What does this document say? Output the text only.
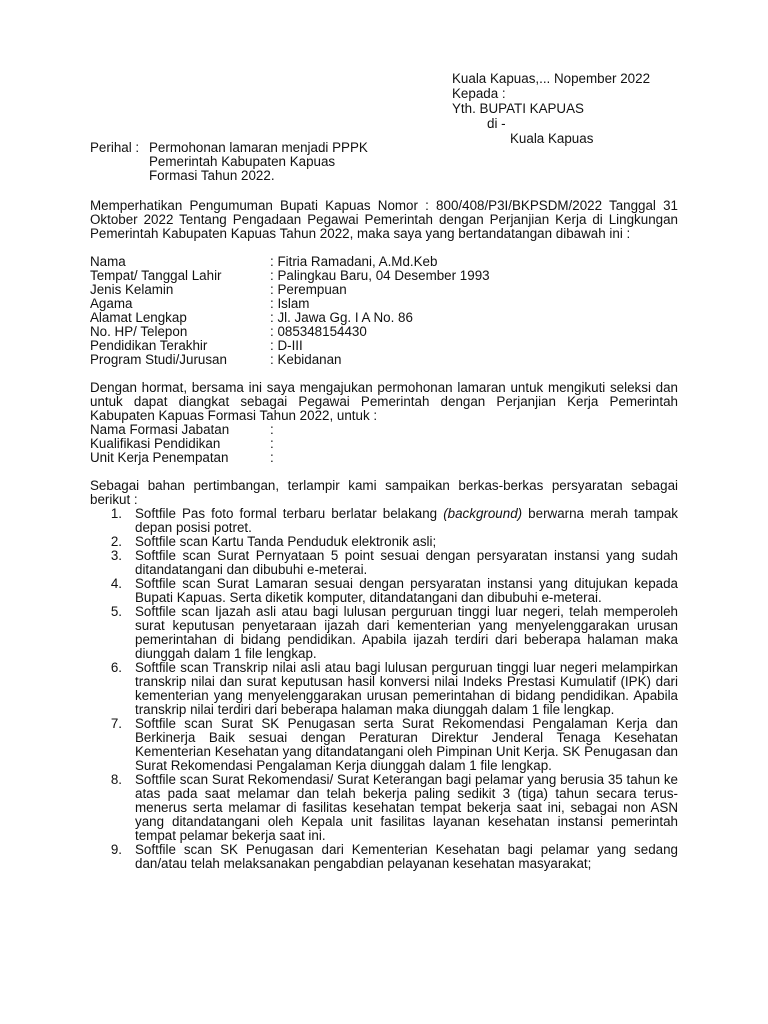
Kuala Kapuas,... Nopember 2022
Kepada :
Yth. BUPATI KAPUAS
di -
Kuala Kapuas
Perihal : Permohonan lamaran menjadi PPPK
Pemerintah Kabupaten Kapuas
Formasi Tahun 2022.
Memperhatikan Pengumuman Bupati Kapuas Nomor : 800/408/P3I/BKPSDM/2022 Tanggal 31 Oktober 2022 Tentang Pengadaan Pegawai Pemerintah dengan Perjanjian Kerja di Lingkungan Pemerintah Kabupaten Kapuas Tahun 2022, maka saya yang bertandatangan dibawah ini :
Nama	: Fitria Ramadani, A.Md.Keb
Tempat/ Tanggal Lahir	: Palingkau Baru, 04 Desember 1993
Jenis Kelamin	: Perempuan
Agama	: Islam
Alamat Lengkap	: Jl. Jawa Gg. I A No. 86
No. HP/ Telepon	: 085348154430
Pendidikan Terakhir	: D-III
Program Studi/Jurusan	: Kebidanan
Dengan hormat, bersama ini saya mengajukan permohonan lamaran untuk mengikuti seleksi dan untuk dapat diangkat sebagai Pegawai Pemerintah dengan Perjanjian Kerja Pemerintah Kabupaten Kapuas Formasi Tahun 2022, untuk :
Nama Formasi Jabatan	:
Kualifikasi Pendidikan	:
Unit Kerja Penempatan	:
Sebagai bahan pertimbangan, terlampir kami sampaikan berkas-berkas persyaratan sebagai berikut :
1. Softfile Pas foto formal terbaru berlatar belakang (background) berwarna merah tampak depan posisi potret.
2. Softfile scan Kartu Tanda Penduduk elektronik asli;
3. Softfile scan Surat Pernyataan 5 point sesuai dengan persyaratan instansi yang sudah ditandatangani dan dibubuhi e-meterai.
4. Softfile scan Surat Lamaran sesuai dengan persyaratan instansi yang ditujukan kepada Bupati Kapuas. Serta diketik komputer, ditandatangani dan dibubuhi e-meterai.
5. Softfile scan Ijazah asli atau bagi lulusan perguruan tinggi luar negeri, telah memperoleh surat keputusan penyetaraan ijazah dari kementerian yang menyelenggarakan urusan pemerintahan di bidang pendidikan. Apabila ijazah terdiri dari beberapa halaman maka diunggah dalam 1 file lengkap.
6. Softfile scan Transkrip nilai asli atau bagi lulusan perguruan tinggi luar negeri melampirkan transkrip nilai dan surat keputusan hasil konversi nilai Indeks Prestasi Kumulatif (IPK) dari kementerian yang menyelenggarakan urusan pemerintahan di bidang pendidikan. Apabila transkrip nilai terdiri dari beberapa halaman maka diunggah dalam 1 file lengkap.
7. Softfile scan Surat SK Penugasan serta Surat Rekomendasi Pengalaman Kerja dan Berkinerja Baik sesuai dengan Peraturan Direktur Jenderal Tenaga Kesehatan Kementerian Kesehatan yang ditandatangani oleh Pimpinan Unit Kerja. SK Penugasan dan Surat Rekomendasi Pengalaman Kerja diunggah dalam 1 file lengkap.
8. Softfile scan Surat Rekomendasi/ Surat Keterangan bagi pelamar yang berusia 35 tahun ke atas pada saat melamar dan telah bekerja paling sedikit 3 (tiga) tahun secara terus-menerus serta melamar di fasilitas kesehatan tempat bekerja saat ini, sebagai non ASN yang ditandatangani oleh Kepala unit fasilitas layanan kesehatan instansi pemerintah tempat pelamar bekerja saat ini.
9. Softfile scan SK Penugasan dari Kementerian Kesehatan bagi pelamar yang sedang dan/atau telah melaksanakan pengabdian pelayanan kesehatan masyarakat;
